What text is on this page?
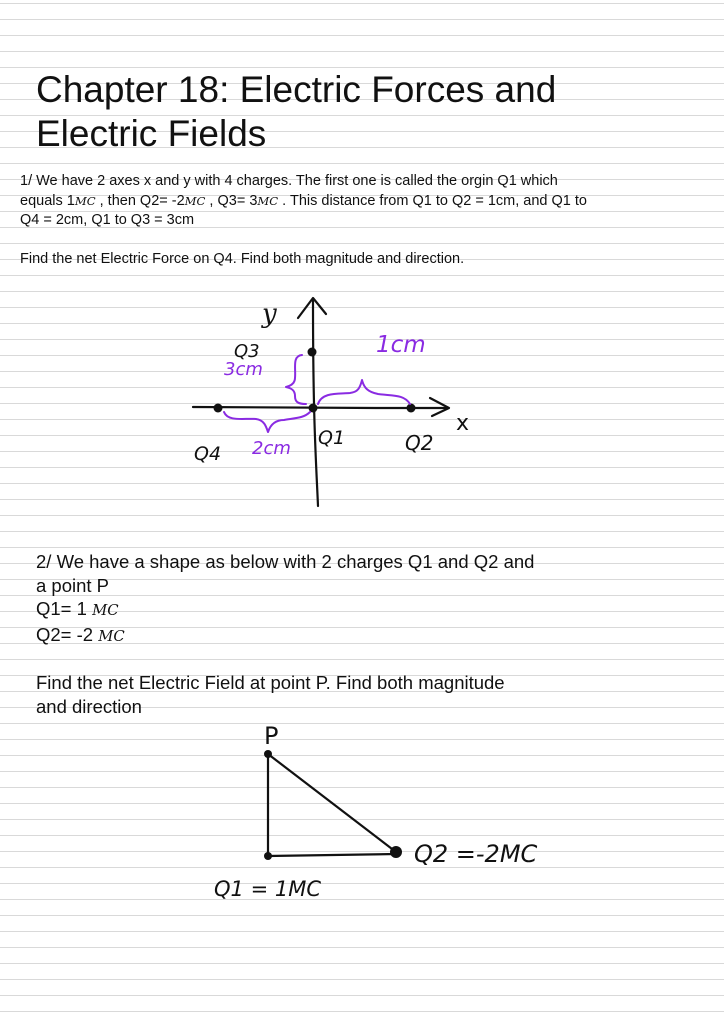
Chapter 18: Electric Forces and Electric Fields

1/ We have 2 axes x and y with 4 charges. The first one is called the orgin Q1 which

equals 1MC , then Q2= -2MC , Q3= 3MC . This distance from Q1 to Q2 = 1cm, and Q1 to

Q4 = 2cm, Q1 to Q3 = 3cm

Find the net Electric Force on Q4. Find both magnitude and direction.

y
x
Q3
3cm
1cm
2cm
Q4
Q1	Q2

2/ We have a shape as below with 2 charges Q1 and Q2 and

a point P

Q1= 1 MC

Q2= -2 MC

Find the net Electric Field at point P. Find both magnitude

and direction

P
Q1 = 1MC
Q2 =-2MC
